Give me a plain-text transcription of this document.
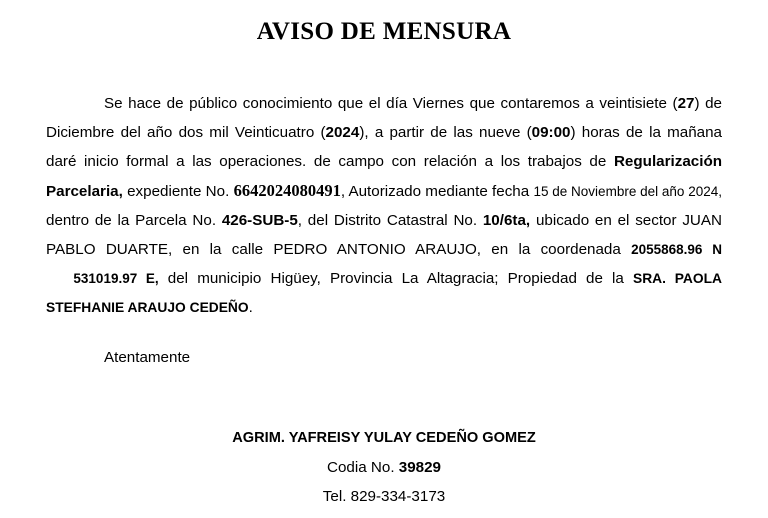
AVISO DE MENSURA
Se hace de público conocimiento que el día Viernes que contaremos a veintisiete (27) de Diciembre del año dos mil Veinticuatro (2024), a partir de las nueve (09:00) horas de la mañana daré inicio formal a las operaciones. de campo con relación a los trabajos de Regularización Parcelaria, expediente No. 6642024080491, Autorizado mediante fecha 15 de Noviembre del año 2024, dentro de la Parcela No. 426-SUB-5, del Distrito Catastral No. 10/6ta, ubicado en el sector JUAN PABLO DUARTE, en la calle PEDRO ANTONIO ARAUJO, en la coordenada 2055868.96 N   531019.97 E, del municipio Higüey, Provincia La Altagracia; Propiedad de la SRA. PAOLA STEFHANIE ARAUJO CEDEÑO.
Atentamente
AGRIM. YAFREISY YULAY CEDEÑO GOMEZ
Codia No. 39829
Tel. 829-334-3173
